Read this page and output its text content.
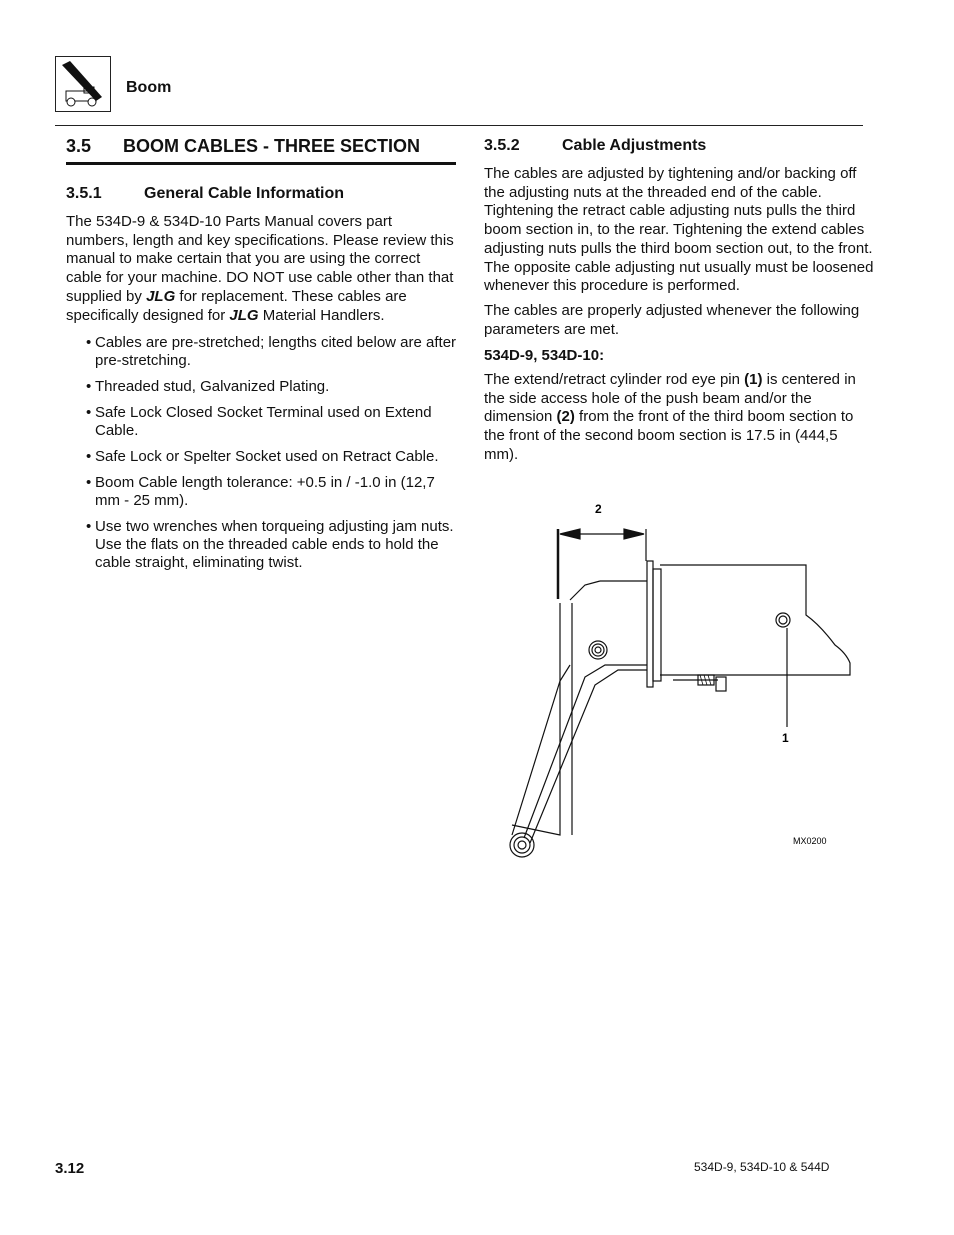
Boom
3.5 BOOM CABLES - THREE SECTION
3.5.1	General Cable Information
The 534D-9 & 534D-10 Parts Manual covers part numbers, length and key specifications. Please review this manual to make certain that you are using the correct cable for your machine. DO NOT use cable other than that supplied by JLG for replacement. These cables are specifically designed for JLG Material Handlers.
• Cables are pre-stretched; lengths cited below are after pre-stretching.
• Threaded stud, Galvanized Plating.
• Safe Lock Closed Socket Terminal used on Extend Cable.
• Safe Lock or Spelter Socket used on Retract Cable.
• Boom Cable length tolerance: +0.5 in / -1.0 in (12,7 mm - 25 mm).
• Use two wrenches when torqueing adjusting jam nuts. Use the flats on the threaded cable ends to hold the cable straight, eliminating twist.
3.5.2	Cable Adjustments
The cables are adjusted by tightening and/or backing off the adjusting nuts at the threaded end of the cable. Tightening the retract cable adjusting nuts pulls the third boom section in, to the rear. Tightening the extend cables adjusting nuts pulls the third boom section out, to the front. The opposite cable adjusting nut usually must be loosened whenever this procedure is performed.
The cables are properly adjusted whenever the following parameters are met.
534D-9, 534D-10:
The extend/retract cylinder rod eye pin (1) is centered in the side access hole of the push beam and/or the dimension (2) from the front of the third boom section to the front of the second boom section is 17.5 in (444,5 mm).
2
1
MX0200
3.12	534D-9, 534D-10 & 544D
